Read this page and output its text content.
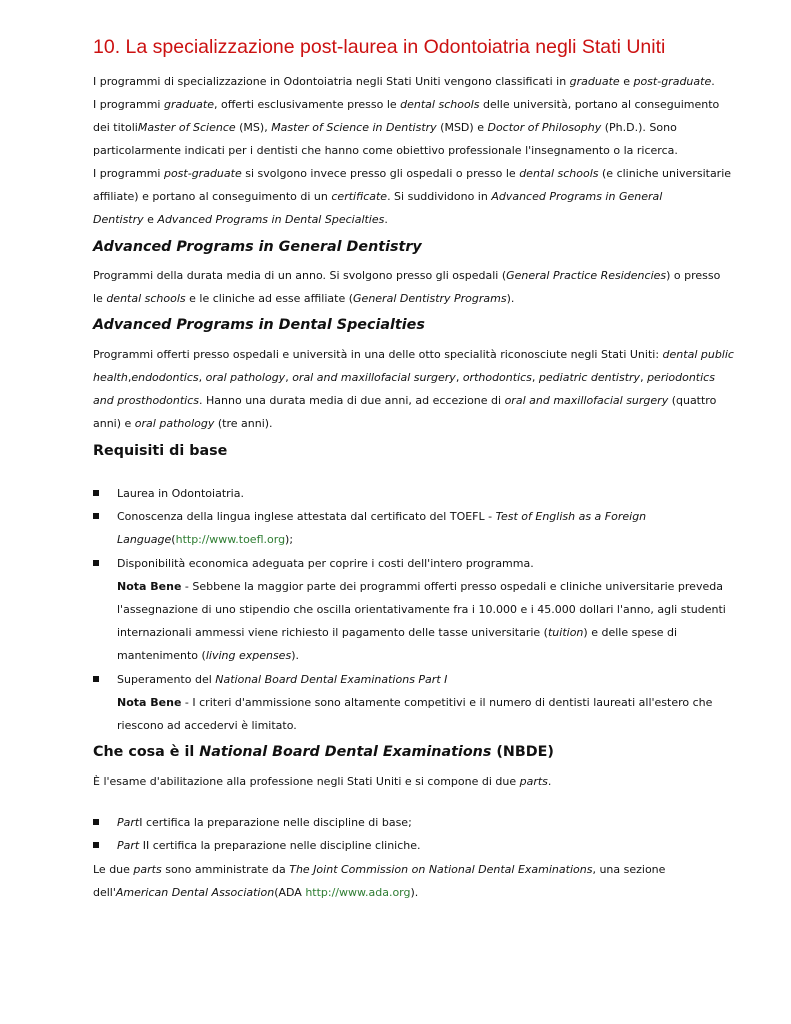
10. La specializzazione post-laurea in Odontoiatria negli Stati Uniti

I programmi di specializzazione in Odontoiatria negli Stati Uniti vengono classificati in graduate e post-graduate.

I programmi graduate, offerti esclusivamente presso le dental schools delle università, portano al conseguimento

dei titoliMaster of Science (MS), Master of Science in Dentistry (MSD) e Doctor of Philosophy (Ph.D.). Sono

particolarmente indicati per i dentisti che hanno come obiettivo professionale l'insegnamento o la ricerca.

I programmi post-graduate si svolgono invece presso gli ospedali o presso le dental schools (e cliniche universitarie

affiliate) e portano al conseguimento di un certificate. Si suddividono in Advanced Programs in General

Dentistry e Advanced Programs in Dental Specialties.

Advanced Programs in General Dentistry

Programmi della durata media di un anno. Si svolgono presso gli ospedali (General Practice Residencies) o presso

le dental schools e le cliniche ad esse affiliate (General Dentistry Programs).

Advanced Programs in Dental Specialties

Programmi offerti presso ospedali e università in una delle otto specialità riconosciute negli Stati Uniti: dental public

health,endodontics, oral pathology, oral and maxillofacial surgery, orthodontics, pediatric dentistry, periodontics

and prosthodontics. Hanno una durata media di due anni, ad eccezione di oral and maxillofacial surgery (quattro

anni) e oral pathology (tre anni).

Requisiti di base

Laurea in Odontoiatria.

Conoscenza della lingua inglese attestata dal certificato del TOEFL - Test of English as a Foreign

Language(http://www.toefl.org);

Disponibilità economica adeguata per coprire i costi dell'intero programma.

Nota Bene - Sebbene la maggior parte dei programmi offerti presso ospedali e cliniche universitarie preveda

l'assegnazione di uno stipendio che oscilla orientativamente fra i 10.000 e i 45.000 dollari l'anno, agli studenti

internazionali ammessi viene richiesto il pagamento delle tasse universitarie (tuition) e delle spese di

mantenimento (living expenses).

Superamento del National Board Dental Examinations Part I

Nota Bene - I criteri d'ammissione sono altamente competitivi e il numero di dentisti laureati all'estero che

riescono ad accedervi è limitato.

Che cosa è il National Board Dental Examinations (NBDE)

È l'esame d'abilitazione alla professione negli Stati Uniti e si compone di due parts.

PartI certifica la preparazione nelle discipline di base;

Part II certifica la preparazione nelle discipline cliniche.

Le due parts sono amministrate da The Joint Commission on National Dental Examinations, una sezione

dell'American Dental Association(ADA http://www.ada.org).
